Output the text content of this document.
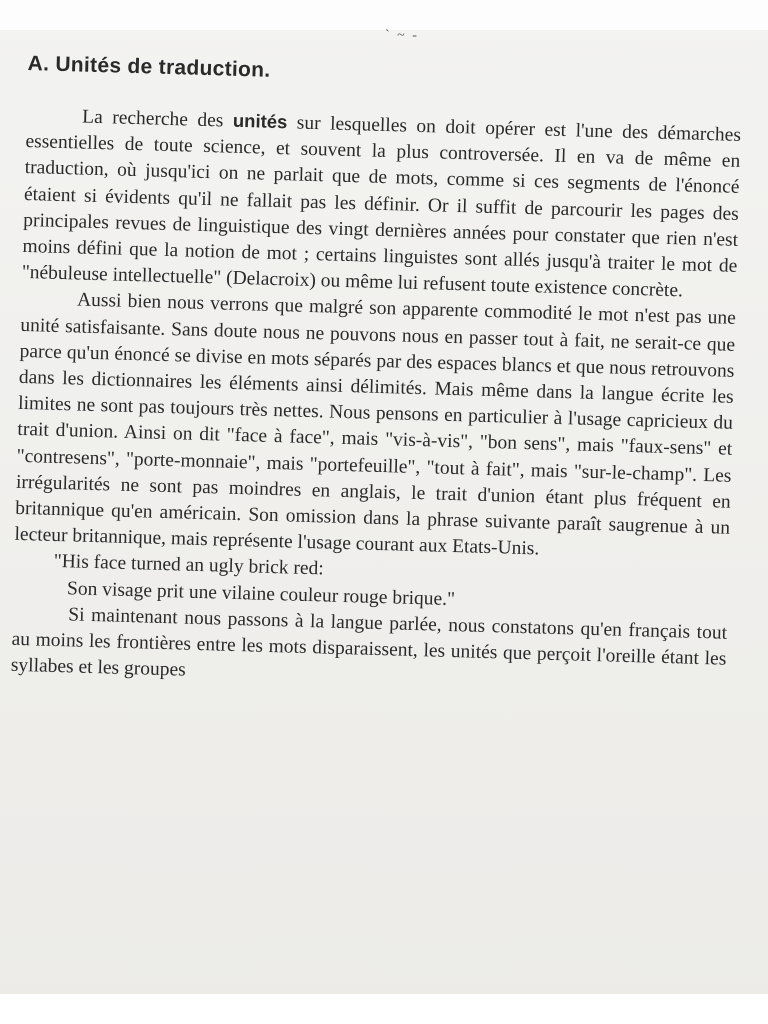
ˋ ~ ‐
A. Unités de traduction.

La recherche des unités sur lesquelles on doit opérer est l'une des démarches essentielles de toute science, et souvent la plus controversée. Il en va de même en traduction, où jusqu'ici on ne parlait que de mots, comme si ces segments de l'énoncé étaient si évidents qu'il ne fallait pas les définir. Or il suffit de parcourir les pages des principales revues de linguistique des vingt dernières années pour constater que rien n'est moins défini que la notion de mot ; certains linguistes sont allés jusqu'à traiter le mot de "nébuleuse intellectuelle" (Delacroix) ou même lui refusent toute existence concrète.

Aussi bien nous verrons que malgré son apparente commodité le mot n'est pas une unité satisfaisante. Sans doute nous ne pouvons nous en passer tout à fait, ne serait-ce que parce qu'un énoncé se divise en mots séparés par des espaces blancs et que nous retrouvons dans les dictionnaires les éléments ainsi délimités. Mais même dans la langue écrite les limites ne sont pas toujours très nettes. Nous pensons en particulier à l'usage capricieux du trait d'union. Ainsi on dit "face à face", mais "vis-à-vis", "bon sens", mais "faux-sens" et "contresens", "porte-monnaie", mais "portefeuille", "tout à fait", mais "sur-le-champ". Les irrégularités ne sont pas moindres en anglais, le trait d'union étant plus fréquent en britannique qu'en américain. Son omission dans la phrase suivante paraît saugrenue à un lecteur britannique, mais représente l'usage courant aux Etats-Unis.

"His face turned an ugly brick red:

Son visage prit une vilaine couleur rouge brique."

Si maintenant nous passons à la langue parlée, nous constatons qu'en français tout au moins les frontières entre les mots disparaissent, les unités que perçoit l'oreille étant les syllabes et les groupes
